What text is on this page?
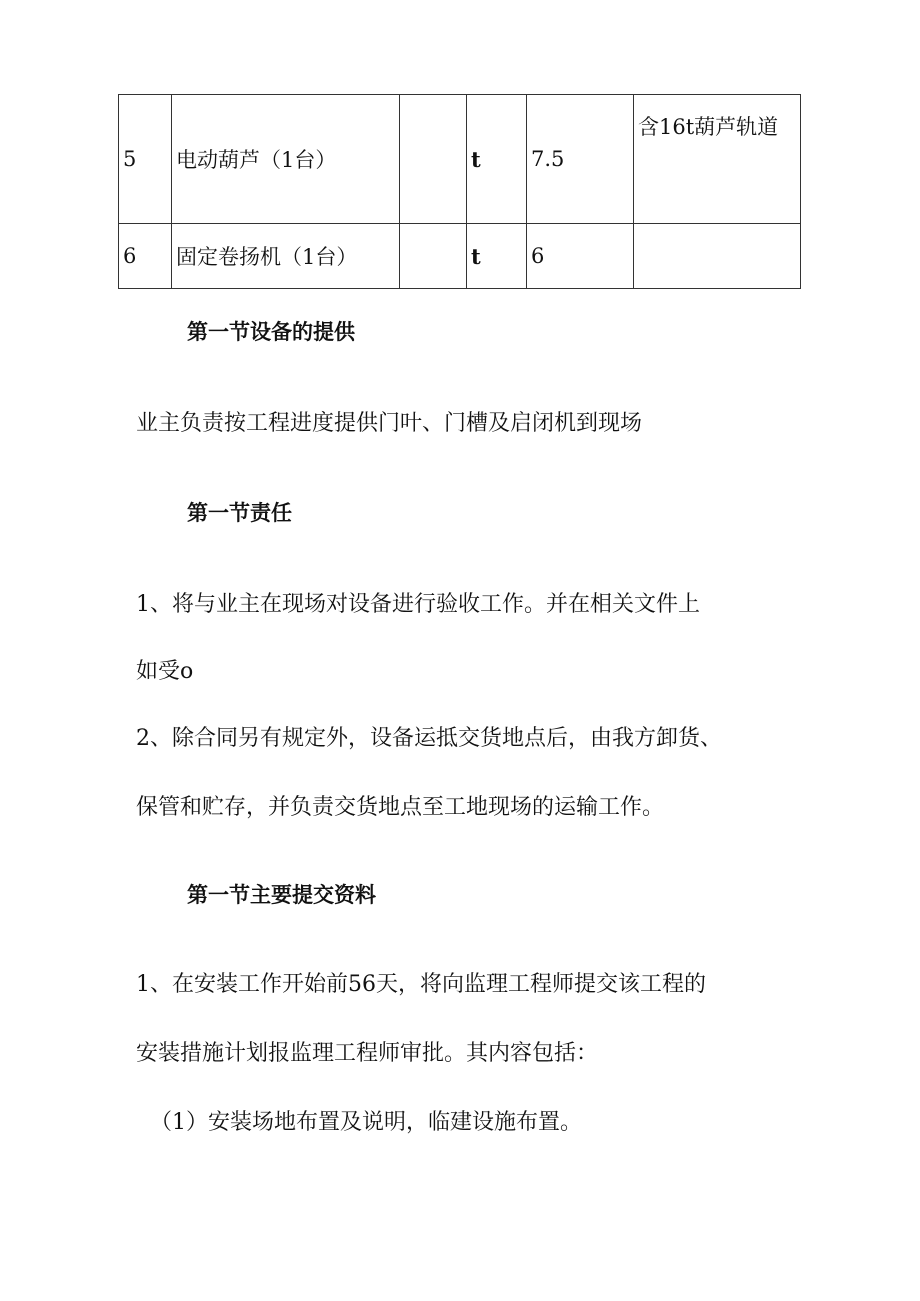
5	电动葫芦（1台）		t	7.5	含16t葫芦轨道
6	固定卷扬机（1台）		t	6	
第一节设备的提供
业主负责按工程进度提供门叶、门槽及启闭机到现场
第一节责任
1、将与业主在现场对设备进行验收工作。并在相关文件上
如受o
2、除合同另有规定外，设备运抵交货地点后，由我方卸货、
保管和贮存，并负责交货地点至工地现场的运输工作。
第一节主要提交资料
1、在安装工作开始前56天，将向监理工程师提交该工程的
安装措施计划报监理工程师审批。其内容包括：
（1）安装场地布置及说明，临建设施布置。
